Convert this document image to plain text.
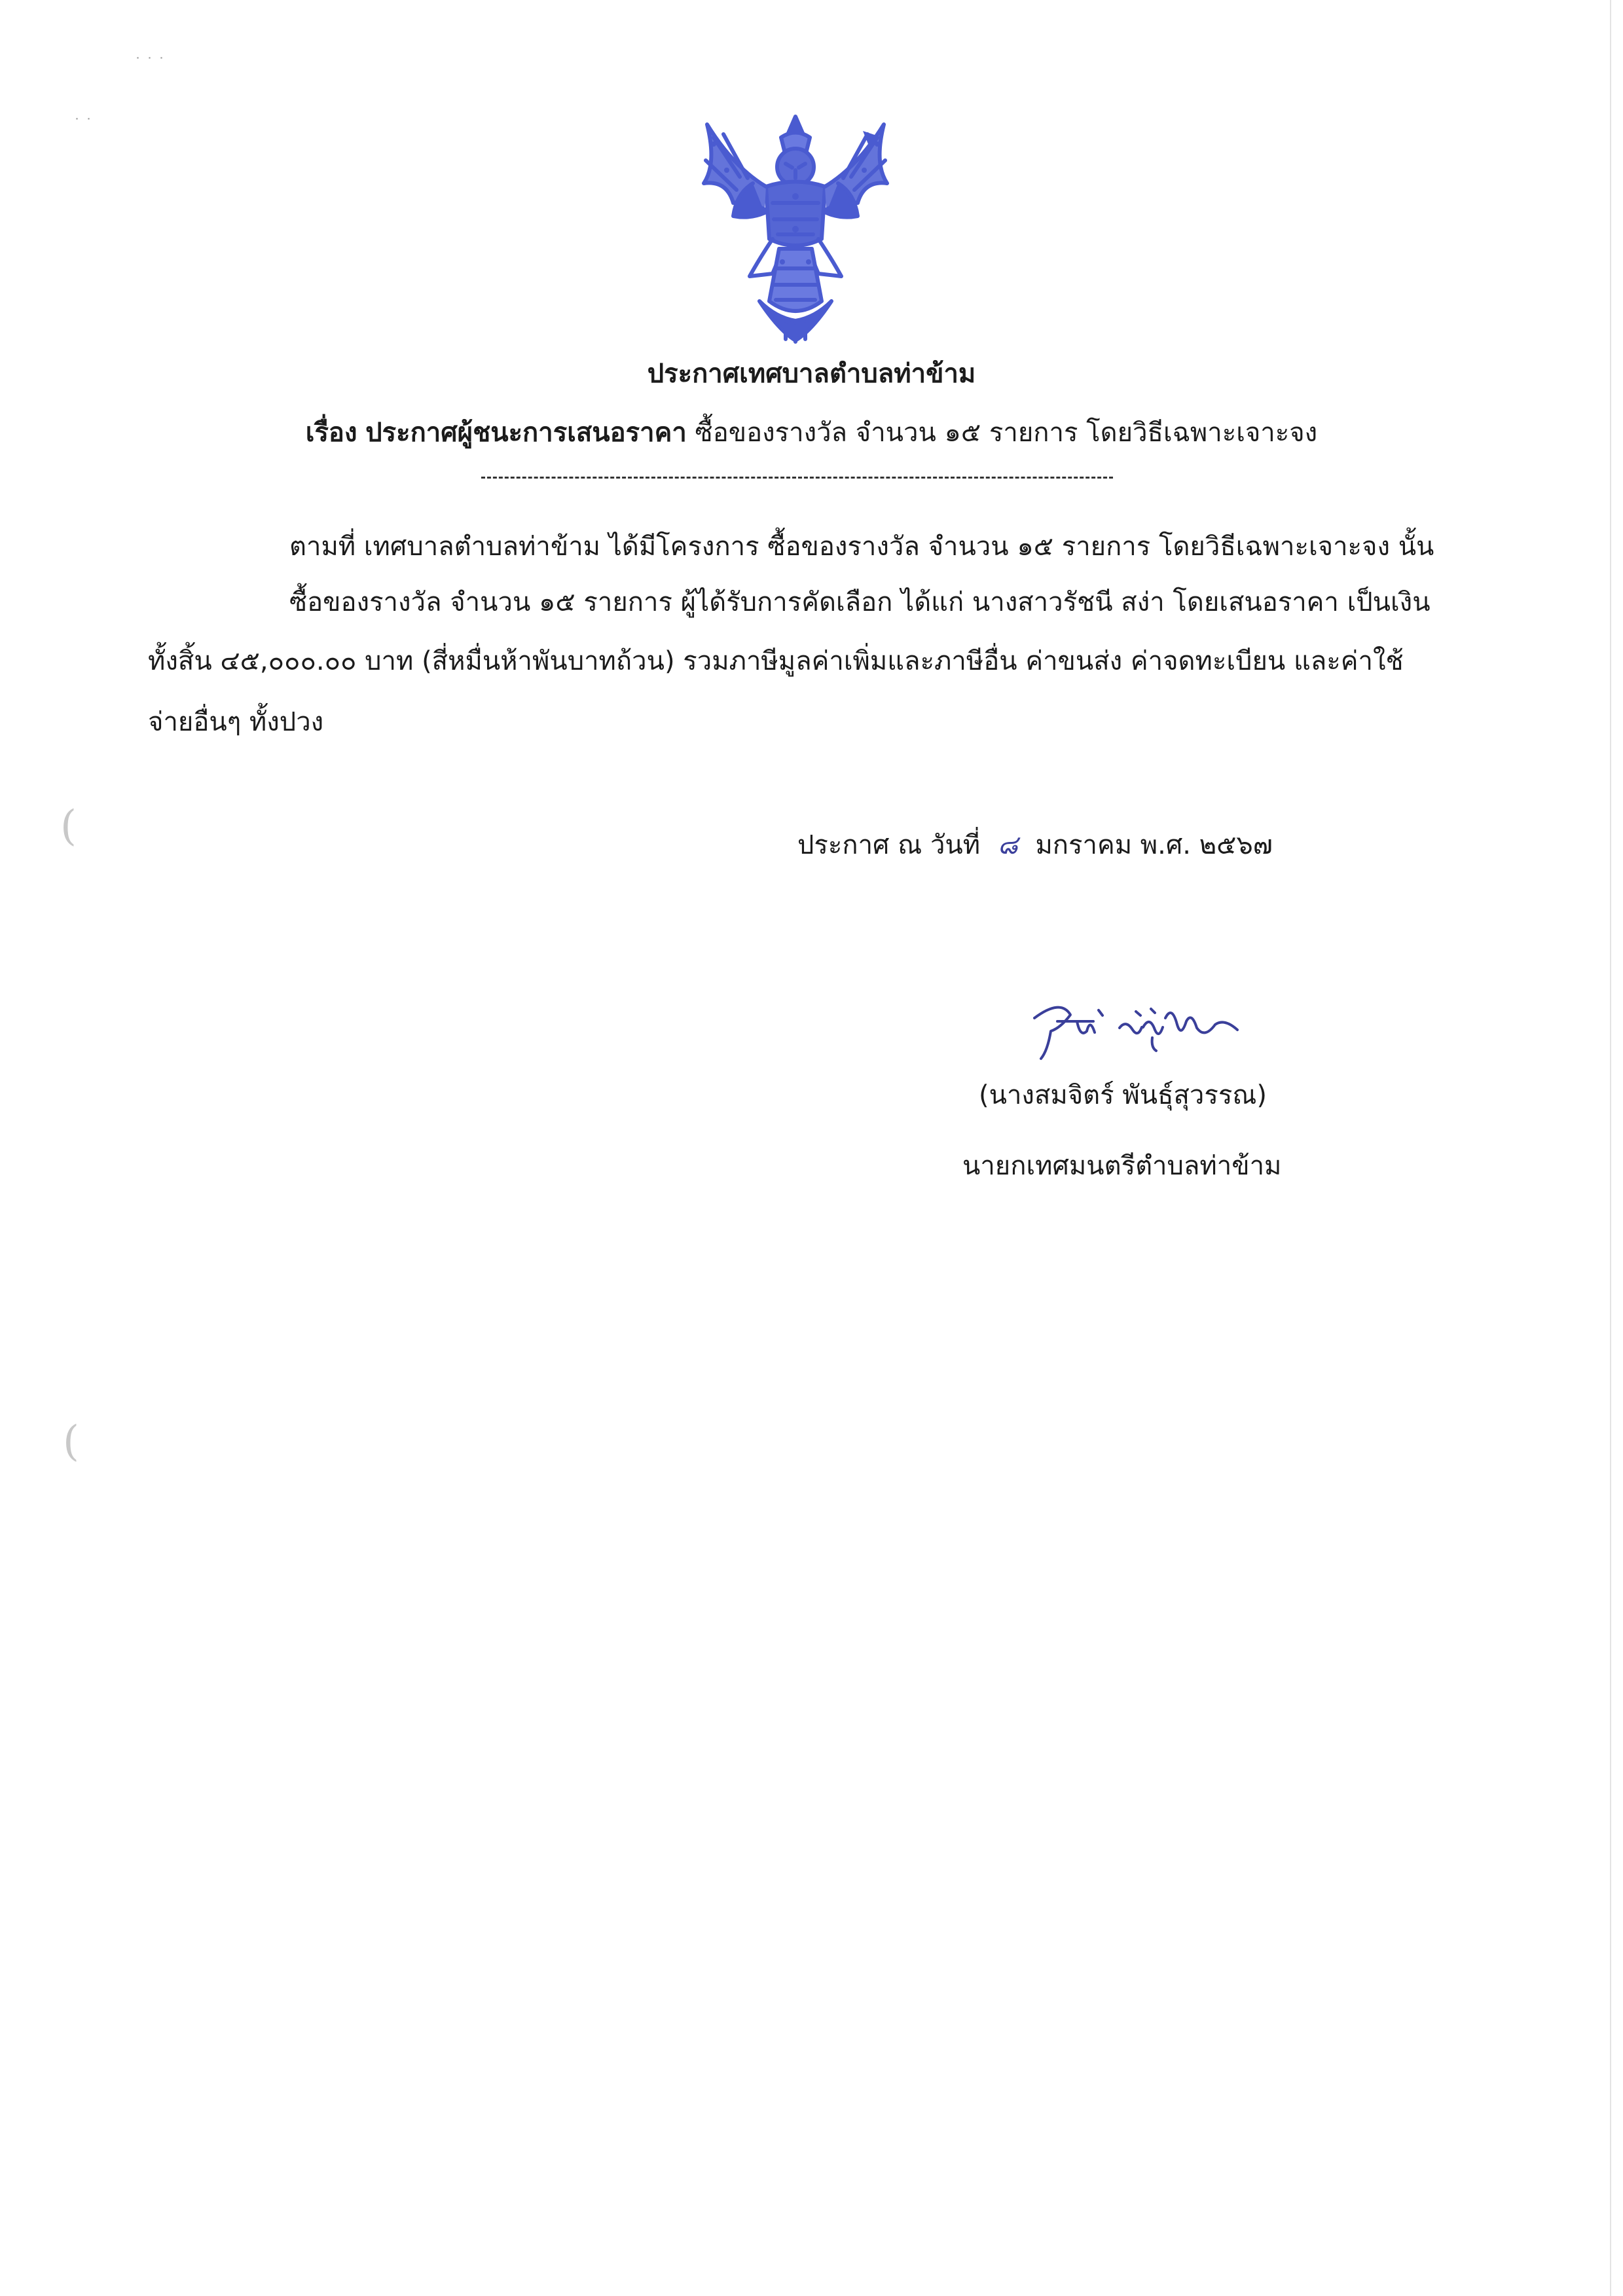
˙ ˙ ˙
˙ ˙
(
(
ประกาศเทศบาลตำบลท่าข้าม
เรื่อง ประกาศผู้ชนะการเสนอราคา ซื้อของรางวัล จำนวน ๑๕ รายการ โดยวิธีเฉพาะเจาะจง
ตามที่ เทศบาลตำบลท่าข้าม ได้มีโครงการ ซื้อของรางวัล จำนวน ๑๕ รายการ โดยวิธีเฉพาะเจาะจง นั้น
ซื้อของรางวัล จำนวน ๑๕ รายการ ผู้ได้รับการคัดเลือก ได้แก่ นางสาวรัชนี สง่า โดยเสนอราคา เป็นเงิน
ทั้งสิ้น ๔๕,๐๐๐.๐๐ บาท (สี่หมื่นห้าพันบาทถ้วน) รวมภาษีมูลค่าเพิ่มและภาษีอื่น ค่าขนส่ง ค่าจดทะเบียน และค่าใช้
จ่ายอื่นๆ ทั้งปวง
ประกาศ ณ วันที่ ๘ มกราคม พ.ศ. ๒๕๖๗
(นางสมจิตร์ พันธุ์สุวรรณ)
นายกเทศมนตรีตำบลท่าข้าม
